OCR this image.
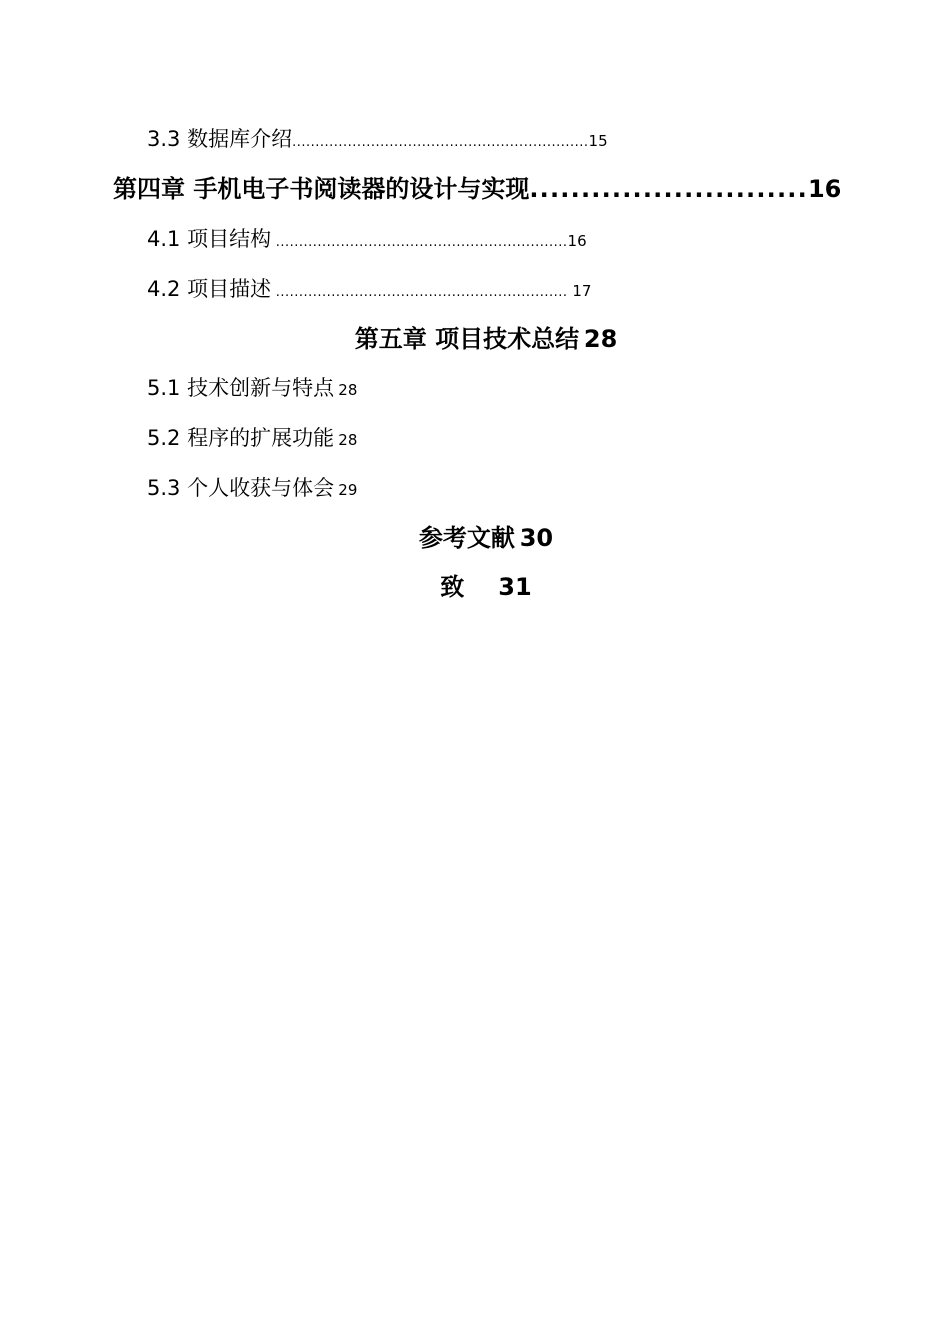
3.3 数据库介绍................................................................15
第四章 手机电子书阅读器的设计与实现...........................16
4.1 项目结构 ...............................................................16
4.2 项目描述 ............................................................... 17
第五章 项目技术总结  28
5.1 技术创新与特点  28
5.2 程序的扩展功能  28
5.3 个人收获与体会  29
参考文献  30
致 31
